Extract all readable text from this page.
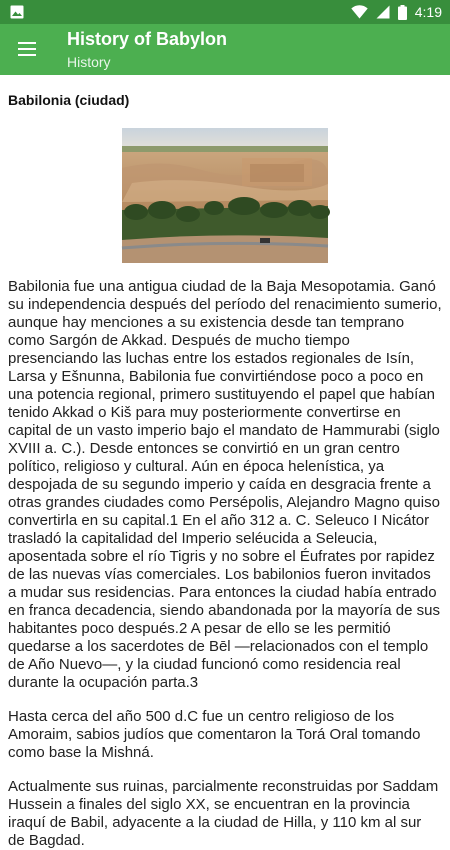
4:19
History of Babylon
History
Babilonia (ciudad)

Babilonia fue una antigua ciudad de la Baja Mesopotamia. Ganó su independencia después del período del renacimiento sumerio, aunque hay menciones a su existencia desde tan temprano como Sargón de Akkad. Después de mucho tiempo presenciando las luchas entre los estados regionales de Isín, Larsa y Ešnunna, Babilonia fue convirtiéndose poco a poco en una potencia regional, primero sustituyendo el papel que habían tenido Akkad o Kiš para muy posteriormente convertirse en capital de un vasto imperio bajo el mandato de Hammurabi (siglo XVIII a. C.). Desde entonces se convirtió en un gran centro político, religioso y cultural. Aún en época helenística, ya despojada de su segundo imperio y caída en desgracia frente a otras grandes ciudades como Persépolis, Alejandro Magno quiso convertirla en su capital.1 En el año 312 a. C. Seleuco I Nicátor trasladó la capitalidad del Imperio seléucida a Seleucia, aposentada sobre el río Tigris y no sobre el Éufrates por rapidez de las nuevas vías comerciales. Los babilonios fueron invitados a mudar sus residencias. Para entonces la ciudad había entrado en franca decadencia, siendo abandonada por la mayoría de sus habitantes poco después.2 A pesar de ello se les permitió quedarse a los sacerdotes de Bēl —relacionados con el templo de Año Nuevo—, y la ciudad funcionó como residencia real durante la ocupación parta.3

Hasta cerca del año 500 d.C fue un centro religioso de los Amoraim, sabios judíos que comentaron la Torá Oral tomando como base la Mishná.

Actualmente sus ruinas, parcialmente reconstruidas por Saddam Hussein a finales del siglo XX, se encuentran en la provincia iraquí de Babil, adyacente a la ciudad de Hilla, y 110 km al sur de Bagdad.
